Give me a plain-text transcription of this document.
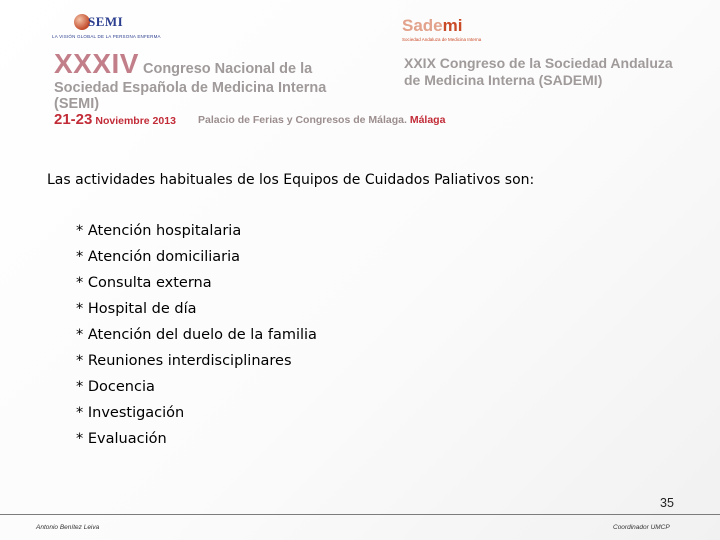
SEMI
LA VISIÓN GLOBAL DE LA PERSONA ENFERMA
Sademi
Sociedad Andaluza de Medicina Interna
XXXIV Congreso Nacional de la
Sociedad Española de Medicina Interna
(SEMI)
XXIX Congreso de la Sociedad Andaluza
de Medicina Interna (SADEMI)
21-23 Noviembre 2013 Palacio de Ferias y Congresos de Málaga. Málaga
Las actividades habituales de los Equipos de Cuidados Paliativos son:
* Atención hospitalaria
* Atención domiciliaria
* Consulta externa
* Hospital de día
* Atención del duelo de la familia
* Reuniones interdisciplinares
* Docencia
* Investigación
* Evaluación
35
Antonio Benítez Leiva	Coordinador UMCP
